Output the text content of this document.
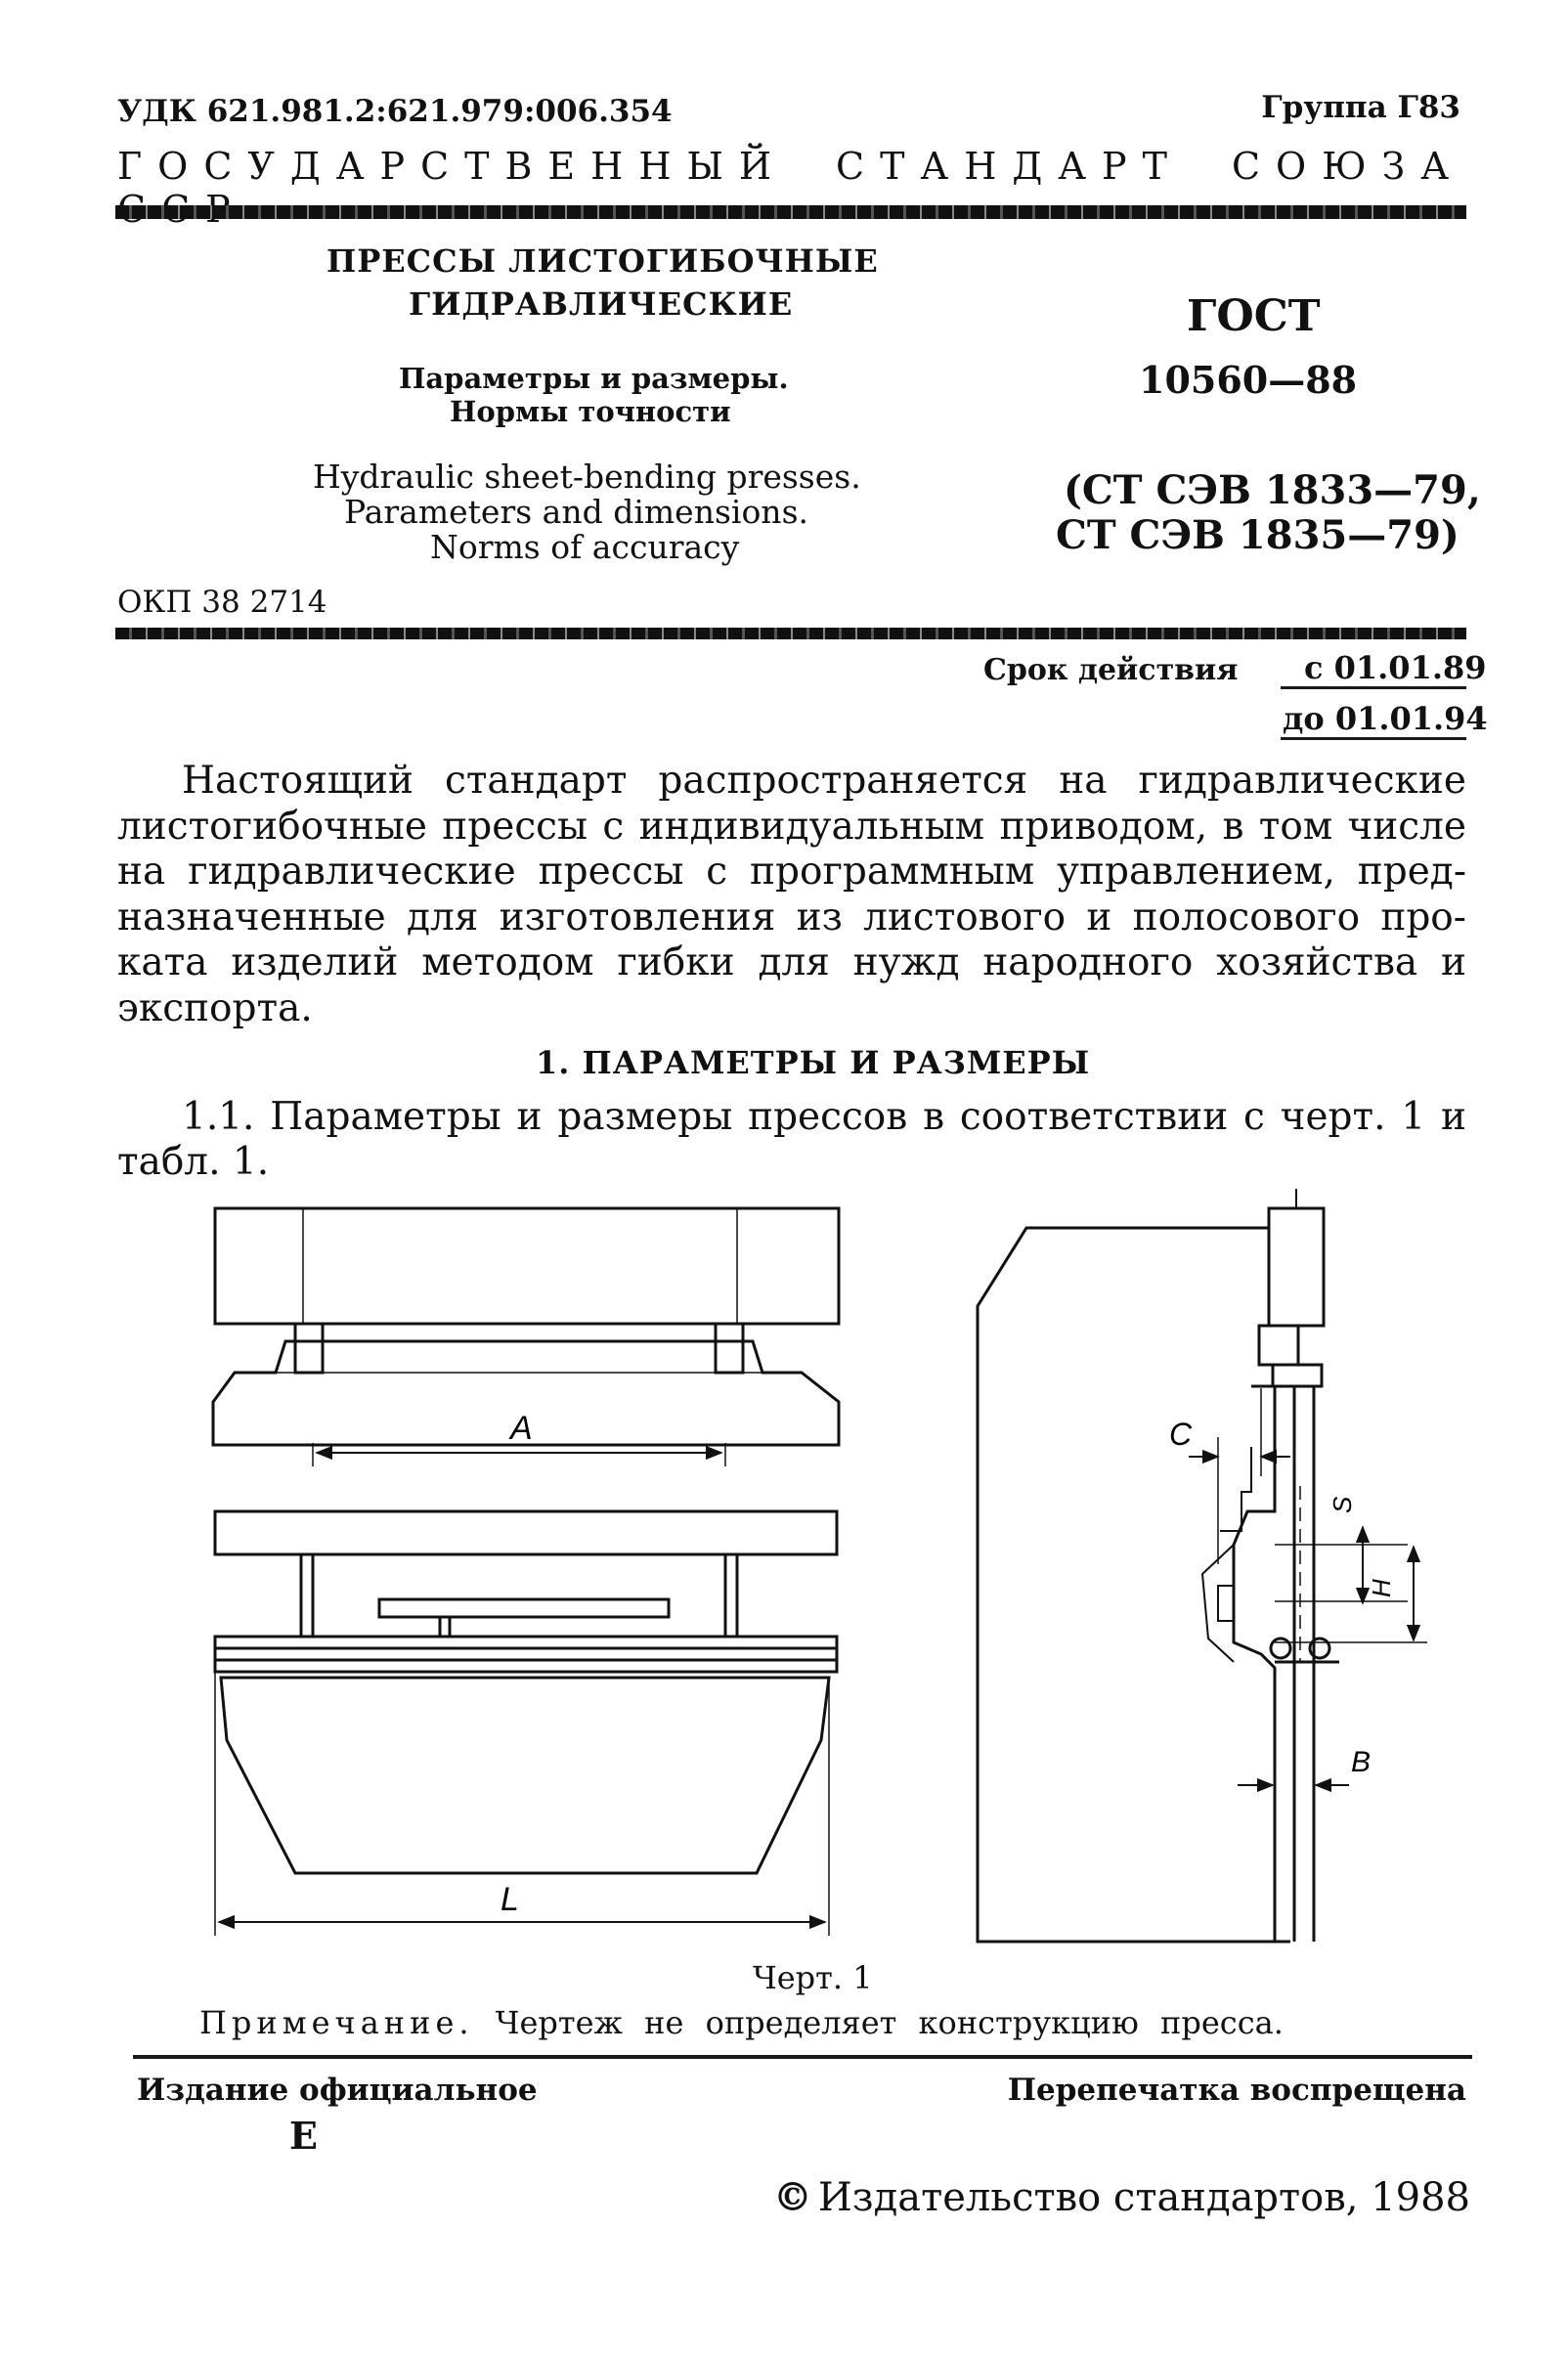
УДК 621.981.2:621.979:006.354	Группа Г83
ГОСУДАРСТВЕННЫЙ СТАНДАРТ СОЮЗА
ПРЕССЫ ЛИСТОГИБОЧНЫЕ
ГИДРАВЛИЧЕСКИЕ
Параметры и размеры.
Нормы точности
Hydraulic sheet-bending presses.
Parameters and dimensions.
Norms of accuracy
ОКП 38 2714
ГОСТ
10560—88
(СТ СЭВ 1833—79,
СТ СЭВ 1835—79)
Срок действия с 01.01.89
до 01.01.94
Настоящий стандарт распространяется на гидравлические
листогибочные прессы с индивидуальным приводом, в том числе
на гидравлические прессы с программным управлением, пред-
назначенные для изготовления из листового и полосового про-
ката изделий методом гибки для нужд народного хозяйства и
экспорта.
1. ПАРАМЕТРЫ И РАЗМЕРЫ
1.1. Параметры и размеры прессов в соответствии с черт. 1 и
табл. 1.
A
L
C
B
S
H
Черт. 1
Примечание. Чертеж не определяет конструкцию пресса.
Издание официальное	Перепечатка воспрещена
Е
© Издательство стандартов, 1988
